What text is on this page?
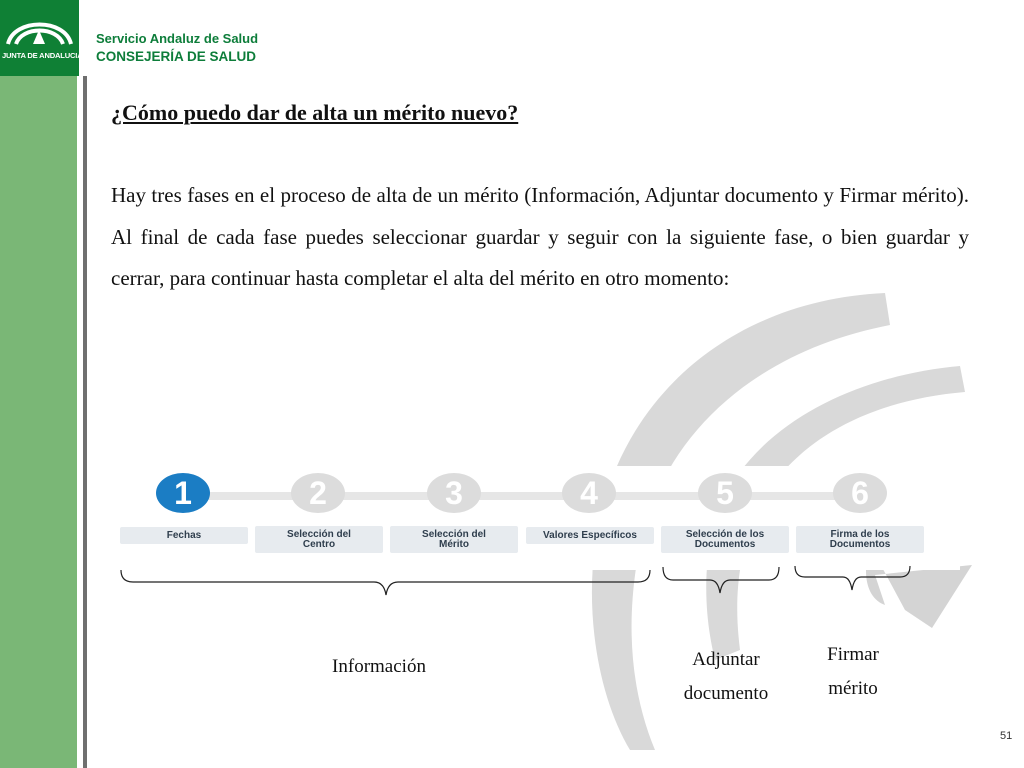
JUNTA DE ANDALUCIA
Servicio Andaluz de Salud
CONSEJERÍA DE SALUD
¿Cómo puedo dar de alta un mérito nuevo?

Hay tres fases en el proceso de alta de un mérito (Información, Adjuntar documento y Firmar mérito). Al final de cada fase puedes seleccionar guardar y seguir con la siguiente fase, o bien guardar y cerrar, para continuar hasta completar el alta del mérito en otro momento:

1	2	3	4	5	6
Fechas	Selección del Centro
Selección del Mérito
Valores Específicos	Selección de los Documentos
Firma de los Documentos
Información	Adjuntar
documento
Firmar
mérito
51
